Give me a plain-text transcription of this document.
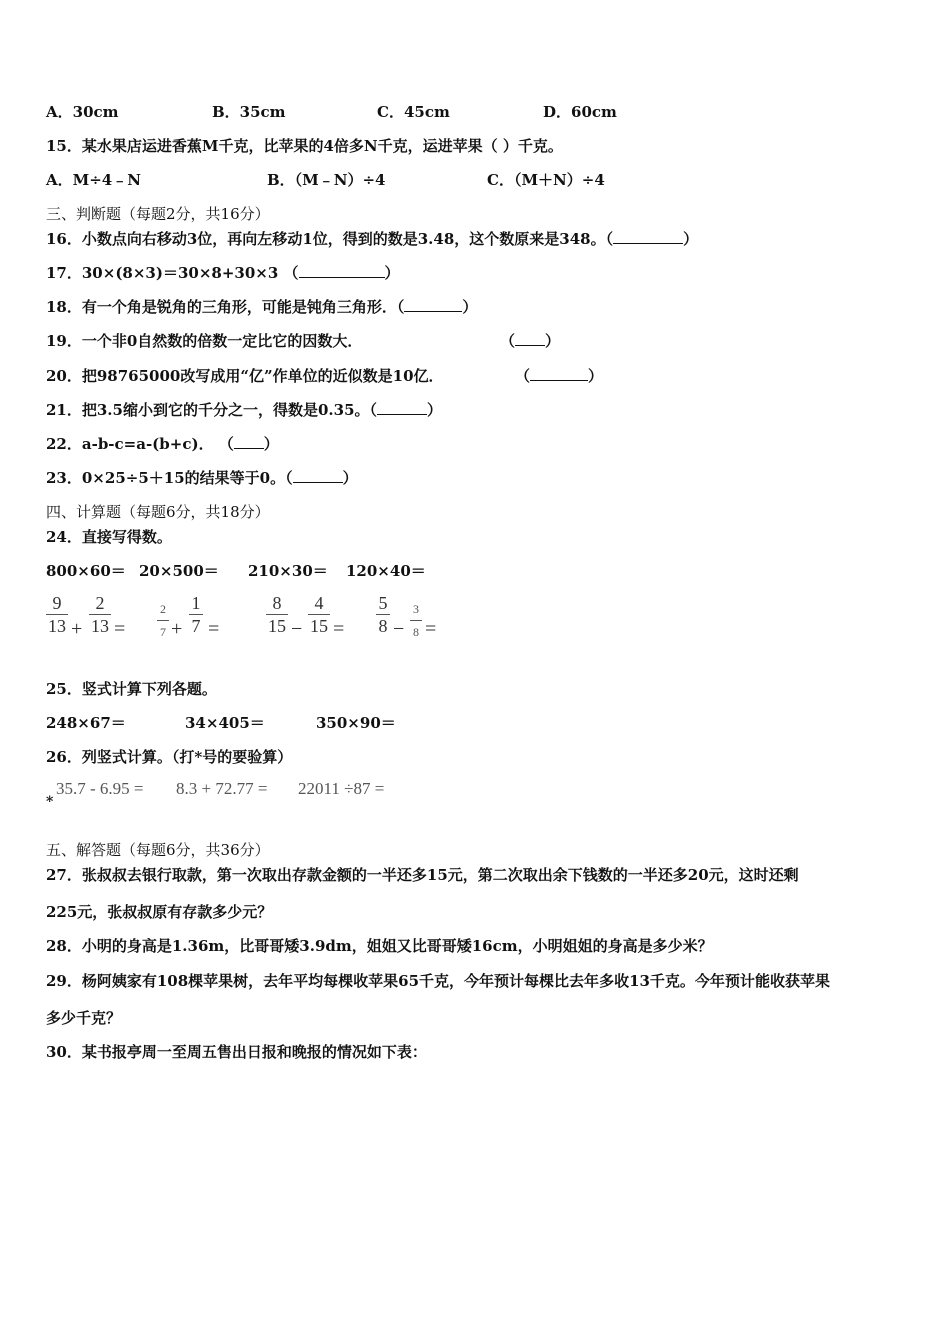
A．30cm	B．35cm	C．45cm	D．60cm
15．某水果店运进香蕉M千克，比苹果的4倍多N千克，运进苹果（ ）千克。
A．M÷4﹣N	B．（M﹣N）÷4	C．（M＋N）÷4
三、判断题（每题2分，共16分）
16．小数点向右移动3位，再向左移动1位，得到的数是3.48，这个数原来是348。（	）
17．30×(8×3)＝30×8+30×3 （	）
18．有一个角是锐角的三角形，可能是钝角三角形．（	）
19．一个非0自然数的倍数一定比它的因数大．	（ ）
20．把98765000改写成用“亿”作单位的近似数是10亿．	（	）
21．把3.5缩小到它的千分之一，得数是0.35。（	）
22．a-b-c=a-(b+c)． （ ）
23．0×25÷5＋15的结果等于0。（	）
四、计算题（每题6分，共18分）
24．直接写得数。
800×60＝ 20×500＝ 210×30＝ 120×40＝
9
13 +
2
13 =
2
7 +
1
7 =
8
15 −
4
15 =
5
8 −
3
8 =
25．竖式计算下列各题。
248×67＝	34×405＝	350×90＝
26．列竖式计算。（打*号的要验算）
*
35.7 - 6.95 = 8.3 + 72.77 = 22011 ÷87 =
五、解答题（每题6分，共36分）
27．张叔叔去银行取款，第一次取出存款金额的一半还多15元，第二次取出余下钱数的一半还多20元，这时还剩
225元，张叔叔原有存款多少元？
28．小明的身高是1.36m，比哥哥矮3.9dm，姐姐又比哥哥矮16cm，小明姐姐的身高是多少米？
29．杨阿姨家有108棵苹果树，去年平均每棵收苹果65千克，今年预计每棵比去年多收13千克。今年预计能收获苹果
多少千克？
30．某书报亭周一至周五售出日报和晚报的情况如下表：
